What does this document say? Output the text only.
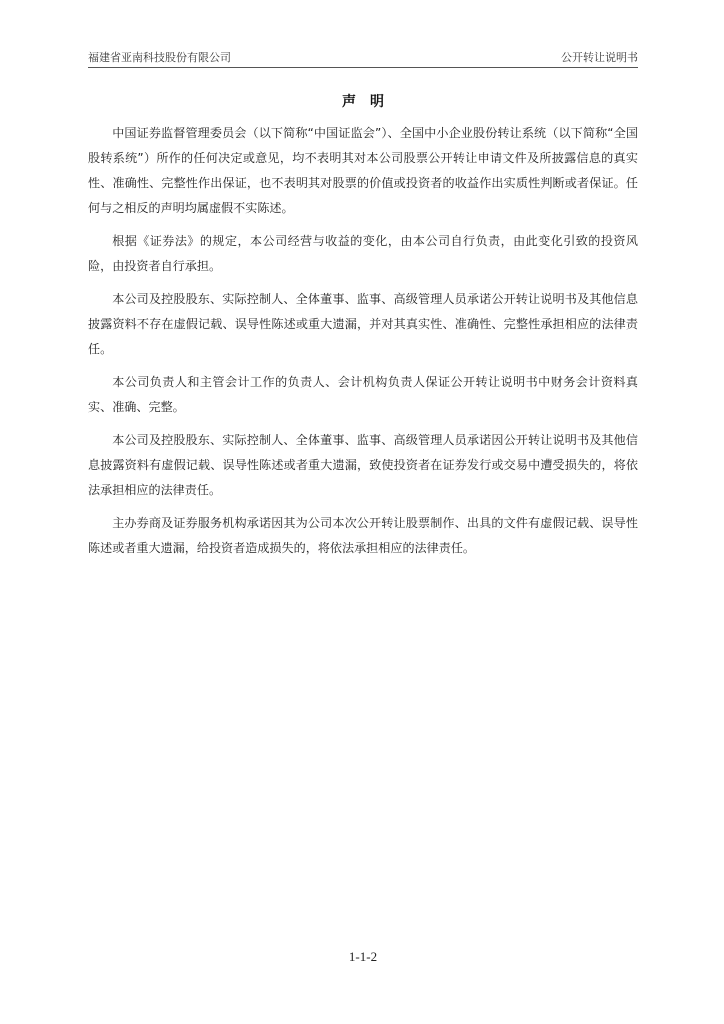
福建省亚南科技股份有限公司	公开转让说明书
声明

中国证券监督管理委员会（以下简称“中国证监会”）、全国中小企业股份转让系统（以下简称“全国股转系统”）所作的任何决定或意见，均不表明其对本公司股票公开转让申请文件及所披露信息的真实性、准确性、完整性作出保证，也不表明其对股票的价值或投资者的收益作出实质性判断或者保证。任何与之相反的声明均属虚假不实陈述。

根据《证券法》的规定，本公司经营与收益的变化，由本公司自行负责，由此变化引致的投资风险，由投资者自行承担。

本公司及控股股东、实际控制人、全体董事、监事、高级管理人员承诺公开转让说明书及其他信息披露资料不存在虚假记载、误导性陈述或重大遗漏，并对其真实性、准确性、完整性承担相应的法律责任。

本公司负责人和主管会计工作的负责人、会计机构负责人保证公开转让说明书中财务会计资料真实、准确、完整。

本公司及控股股东、实际控制人、全体董事、监事、高级管理人员承诺因公开转让说明书及其他信息披露资料有虚假记载、误导性陈述或者重大遗漏，致使投资者在证券发行或交易中遭受损失的，将依法承担相应的法律责任。

主办券商及证券服务机构承诺因其为公司本次公开转让股票制作、出具的文件有虚假记载、误导性陈述或者重大遗漏，给投资者造成损失的，将依法承担相应的法律责任。

1-1-2
